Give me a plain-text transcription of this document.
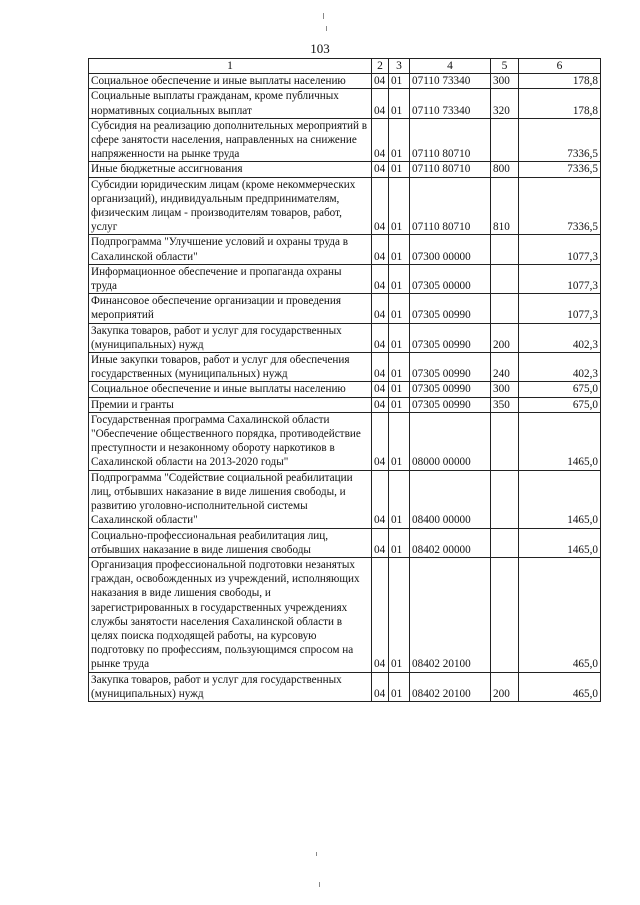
103
1	2	3	4	5	6
Социальное обеспечение и иные выплаты населению	04	01	07110 73340	300	178,8
Социальные выплаты гражданам, кроме публичных нормативных социальных выплат	04	01	07110 73340	320	178,8
Субсидия на реализацию дополнительных мероприятий в сфере занятости населения, направленных на снижение напряженности на рынке труда	04	01	07110 80710		7336,5
Иные бюджетные ассигнования	04	01	07110 80710	800	7336,5
Субсидии юридическим лицам (кроме некоммерческих организаций), индивидуальным предпринимателям, физическим лицам - производителям товаров, работ, услуг	04	01	07110 80710	810	7336,5
Подпрограмма "Улучшение условий и охраны труда в Сахалинской области"	04	01	07300 00000		1077,3
Информационное обеспечение и пропаганда охраны труда	04	01	07305 00000		1077,3
Финансовое обеспечение организации и проведения мероприятий	04	01	07305 00990		1077,3
Закупка товаров, работ и услуг для государственных (муниципальных) нужд	04	01	07305 00990	200	402,3
Иные закупки товаров, работ и услуг для обеспечения государственных (муниципальных) нужд	04	01	07305 00990	240	402,3
Социальное обеспечение и иные выплаты населению	04	01	07305 00990	300	675,0
Премии и гранты	04	01	07305 00990	350	675,0
Государственная программа Сахалинской области "Обеспечение общественного порядка, противодействие преступности и незаконному обороту наркотиков в Сахалинской области на 2013-2020 годы"	04	01	08000 00000		1465,0
Подпрограмма "Содействие социальной реабилитации лиц, отбывших наказание в виде лишения свободы, и развитию уголовно-исполнительной системы Сахалинской области"	04	01	08400 00000		1465,0
Социально-профессиональная реабилитация лиц, отбывших наказание в виде лишения свободы	04	01	08402 00000		1465,0
Организация профессиональной подготовки незанятых граждан, освобожденных из учреждений, исполняющих наказания в виде лишения свободы, и зарегистрированных в государственных учреждениях службы занятости населения Сахалинской области в целях поиска подходящей работы, на курсовую подготовку по профессиям, пользующимся спросом на рынке труда	04	01	08402 20100		465,0
Закупка товаров, работ и услуг для государственных (муниципальных) нужд	04	01	08402 20100	200	465,0
